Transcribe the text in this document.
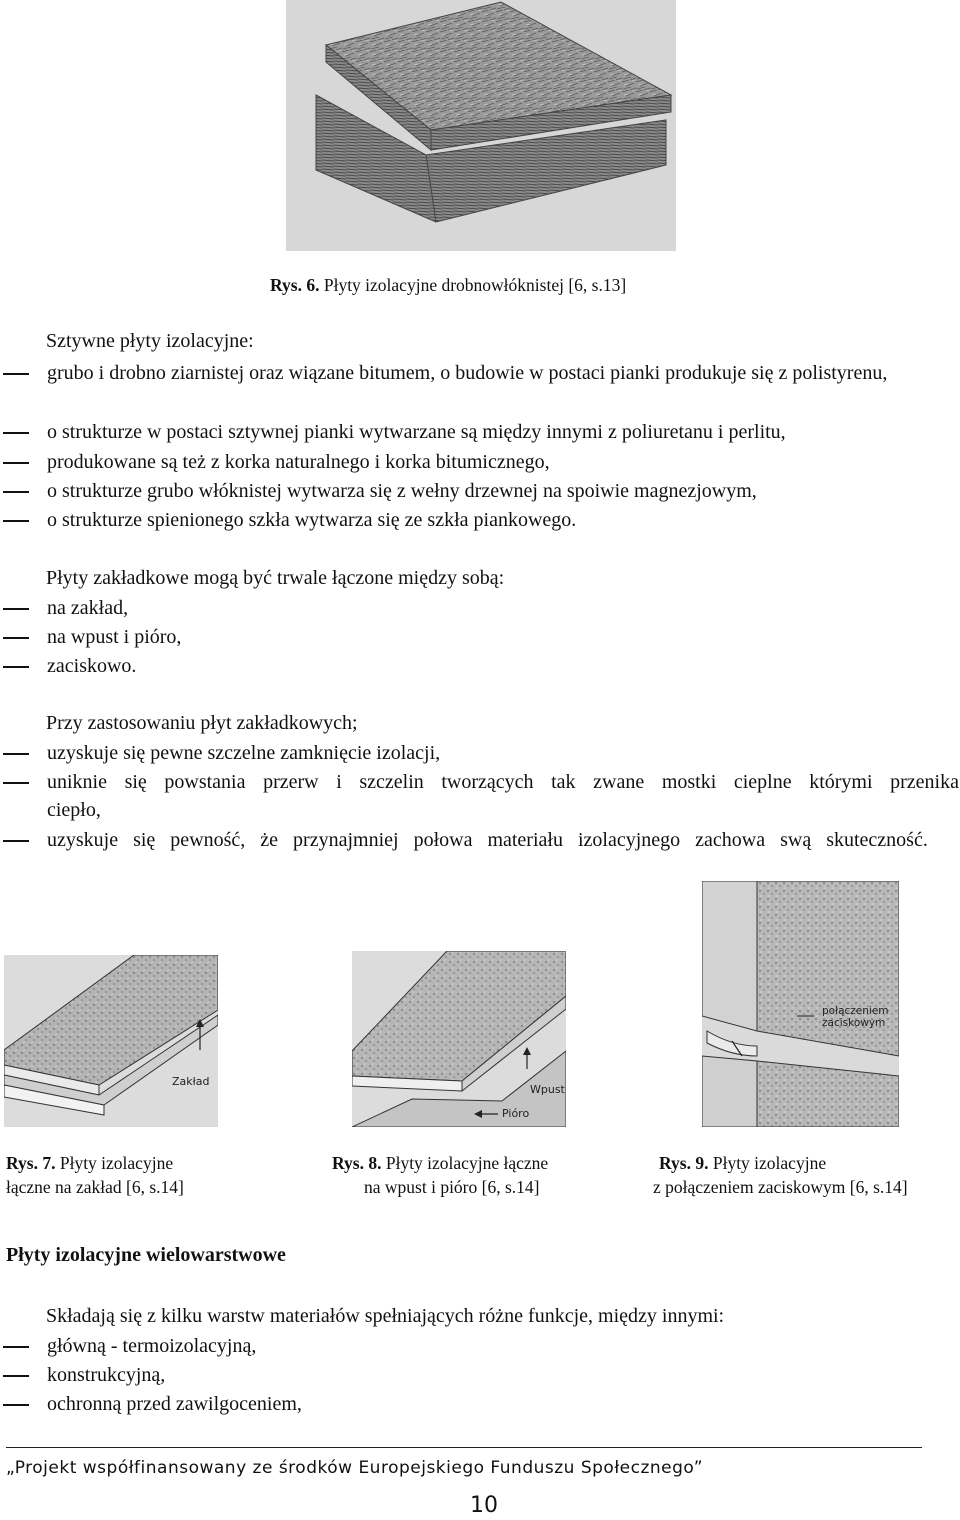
Rys. 6. Płyty izolacyjne drobnowłóknistej [6, s.13]
Sztywne płyty izolacyjne:
grubo i drobno ziarnistej oraz wiązane bitumem, o budowie w postaci pianki produkuje się z polistyrenu,
o strukturze w postaci sztywnej pianki wytwarzane są między innymi z poliuretanu i perlitu,
produkowane są też z korka naturalnego i korka bitumicznego,
o strukturze grubo włóknistej wytwarza się z wełny drzewnej na spoiwie magnezjowym,
o strukturze spienionego szkła wytwarza się ze szkła piankowego.
Płyty zakładkowe mogą być trwale łączone między sobą:
na zakład,
na wpust i pióro,
zaciskowo.
Przy zastosowaniu płyt zakładkowych;
uzyskuje się pewne szczelne zamknięcie izolacji,
uniknie się powstania przerw i szczelin tworzących tak zwane mostki cieplne którymi przenika ciepło,
uzyskuje się pewność, że przynajmniej połowa materiału izolacyjnego zachowa swą skuteczność.
Zakład
Wpust
Pióro
połączeniem
zaciskowym
Rys. 7. Płyty izolacyjne
łączne na zakład [6, s.14]
Rys. 8. Płyty izolacyjne łączne
na wpust i pióro [6, s.14]
Rys. 9. Płyty izolacyjne
z połączeniem zaciskowym [6, s.14]
Płyty izolacyjne wielowarstwowe
Składają się z kilku warstw materiałów spełniających różne funkcje, między innymi:
główną - termoizolacyjną,
konstrukcyjną,
ochronną przed zawilgoceniem,
„Projekt współfinansowany ze środków Europejskiego Funduszu Społecznego”
10
